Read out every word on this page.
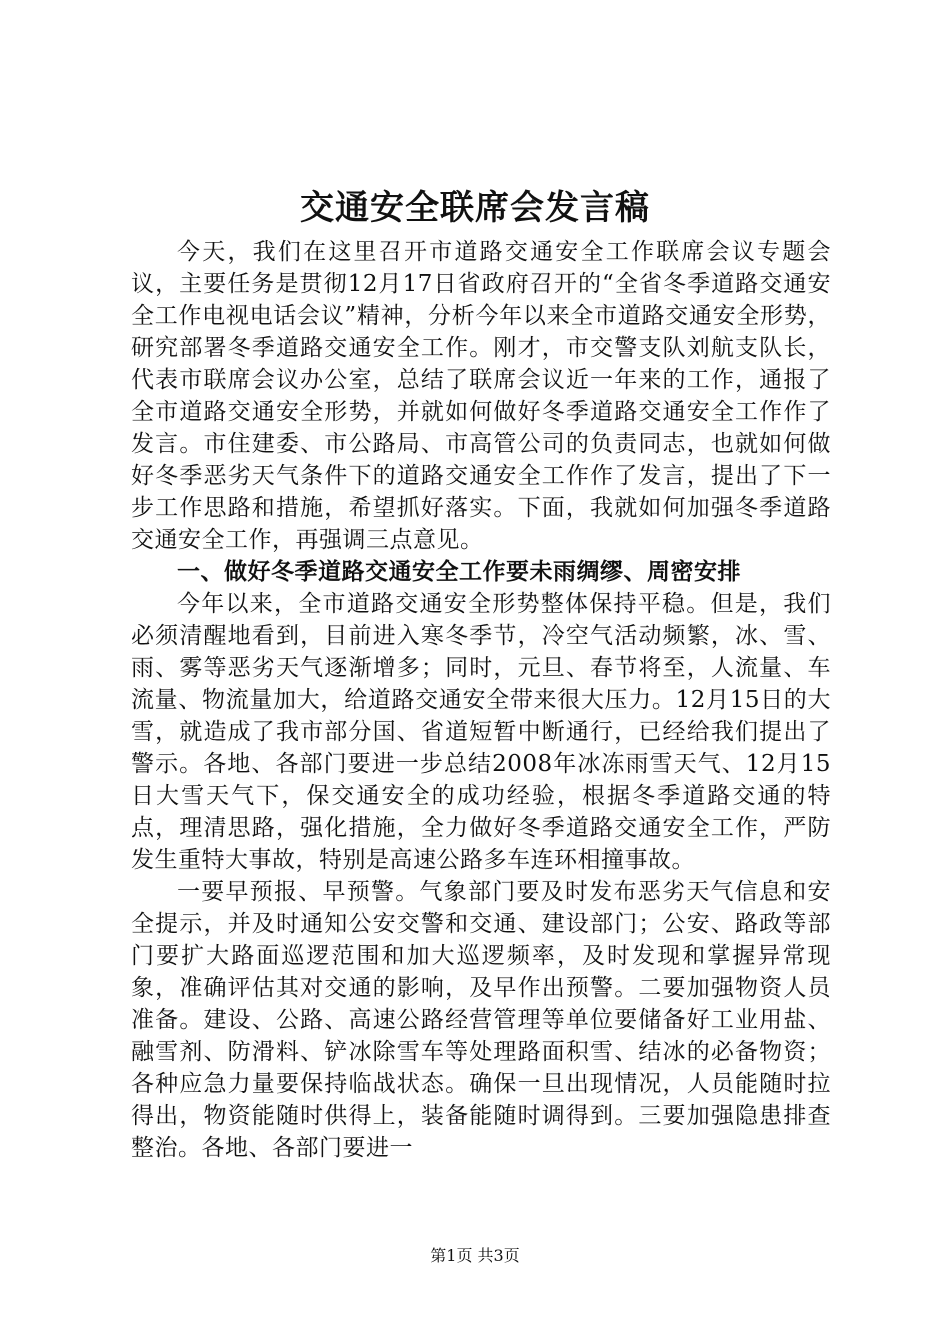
交通安全联席会发言稿

今天，我们在这里召开市道路交通安全工作联席会议专题会议，主要任务是贯彻12月17日省政府召开的“全省冬季道路交通安全工作电视电话会议”精神，分析今年以来全市道路交通安全形势，研究部署冬季道路交通安全工作。刚才，市交警支队刘航支队长，代表市联席会议办公室，总结了联席会议近一年来的工作，通报了全市道路交通安全形势，并就如何做好冬季道路交通安全工作作了发言。市住建委、市公路局、市高管公司的负责同志，也就如何做好冬季恶劣天气条件下的道路交通安全工作作了发言，提出了下一步工作思路和措施，希望抓好落实。下面，我就如何加强冬季道路交通安全工作，再强调三点意见。

一、做好冬季道路交通安全工作要未雨绸缪、周密安排

今年以来，全市道路交通安全形势整体保持平稳。但是，我们必须清醒地看到，目前进入寒冬季节，冷空气活动频繁，冰、雪、雨、雾等恶劣天气逐渐增多；同时，元旦、春节将至，人流量、车流量、物流量加大，给道路交通安全带来很大压力。12月15日的大雪，就造成了我市部分国、省道短暂中断通行，已经给我们提出了警示。各地、各部门要进一步总结2008年冰冻雨雪天气、12月15日大雪天气下，保交通安全的成功经验，根据冬季道路交通的特点，理清思路，强化措施，全力做好冬季道路交通安全工作，严防发生重特大事故，特别是高速公路多车连环相撞事故。

一要早预报、早预警。气象部门要及时发布恶劣天气信息和安全提示，并及时通知公安交警和交通、建设部门；公安、路政等部门要扩大路面巡逻范围和加大巡逻频率，及时发现和掌握异常现象，准确评估其对交通的影响，及早作出预警。二要加强物资人员准备。建设、公路、高速公路经营管理等单位要储备好工业用盐、融雪剂、防滑料、铲冰除雪车等处理路面积雪、结冰的必备物资；各种应急力量要保持临战状态。确保一旦出现情况，人员能随时拉得出，物资能随时供得上，装备能随时调得到。三要加强隐患排查整治。各地、各部门要进一

第1页 共3页
